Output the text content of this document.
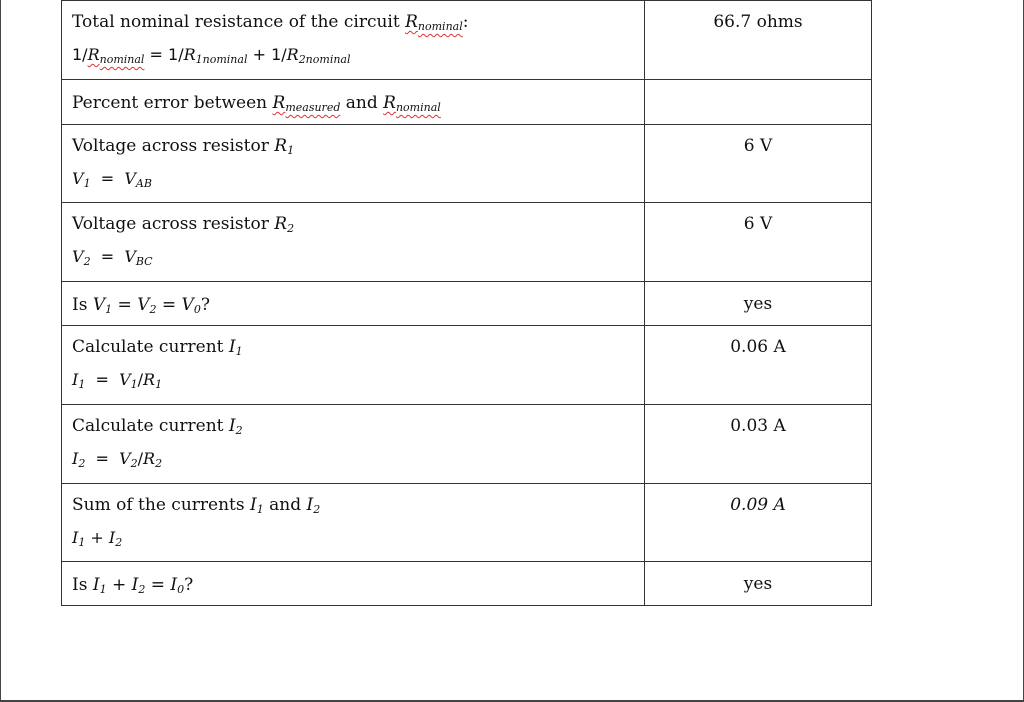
Total nominal resistance of the circuit $R_{nominal}$:
$1/R_{nominal} = 1/R_{1nominal} + 1/R_{2nominal}$	66.7 ohms

Percent error between $R_{measured}$ and $R_{nominal}$

Voltage across resistor $R_1$
$V_1 = V_{AB}$	6 V

Voltage across resistor $R_2$
$V_2 = V_{BC}$	6 V

Is $V_1 = V_2 = V_0$?	yes

Calculate current $I_1$
$I_1 = V_1/R_1$	0.06 A

Calculate current $I_2$
$I_2 = V_2/R_2$	0.03 A

Sum of the currents $I_1$ and $I_2$
$I_1 + I_2$	0.09 A

Is $I_1 + I_2 = I_0$?	yes
